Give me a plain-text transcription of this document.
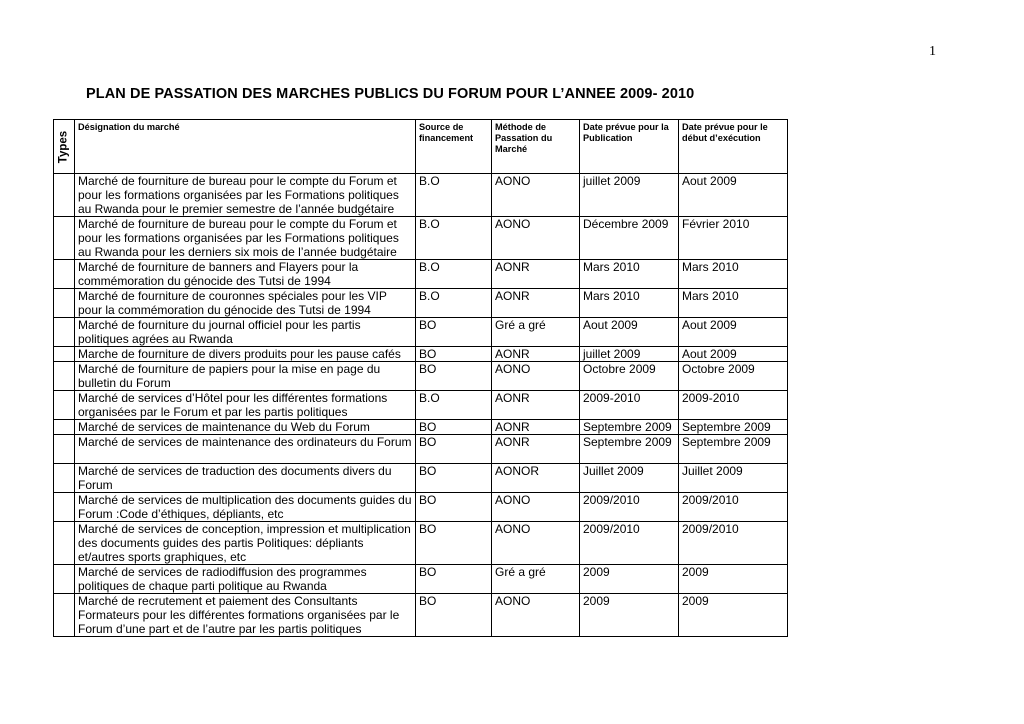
1
PLAN DE PASSATION DES MARCHES PUBLICS DU FORUM POUR L’ANNEE 2009- 2010
Types	Désignation du marché	Source de financement	Méthode de Passation du Marché	Date prévue pour la Publication	Date prévue pour le début d’exécution
	Marché de fourniture de bureau pour le compte du Forum et pour les formations organisées par les Formations politiques au Rwanda pour le premier semestre de l’année budgétaire	B.O	AONO	juillet 2009	Aout 2009
	Marché de fourniture de bureau pour le compte du Forum et pour les formations organisées par les Formations politiques au Rwanda pour les derniers six mois de l’année budgétaire	B.O	AONO	Décembre 2009	Février 2010
	Marché de fourniture de banners and Flayers pour la commémoration du génocide des Tutsi de 1994	B.O	AONR	Mars 2010	Mars 2010
	Marché de fourniture de couronnes spéciales pour les VIP pour la commémoration du génocide des Tutsi de 1994	B.O	AONR	Mars 2010	Mars 2010
	Marché de fourniture du journal officiel pour les partis politiques agrées au Rwanda	BO	Gré a gré	Aout 2009	Aout 2009
	Marche de fourniture de divers produits pour les pause cafés	BO	AONR	juillet 2009	Aout 2009
	Marché de fourniture de papiers pour la mise en page du bulletin du Forum	BO	AONO	Octobre 2009	Octobre 2009
	Marché de services d’Hôtel pour les différentes formations organisées par le Forum et par les partis politiques	B.O	AONR	2009-2010	2009-2010
	Marché de services de maintenance du Web du Forum	BO	AONR	Septembre 2009	Septembre 2009
	Marché de services de maintenance des ordinateurs du Forum	BO	AONR	Septembre 2009	Septembre 2009
	Marché de services de traduction des documents divers du Forum	BO	AONOR	Juillet 2009	Juillet 2009
	Marché de services de multiplication des documents guides du Forum :Code d’éthiques, dépliants, etc	BO	AONO	2009/2010	2009/2010
	Marché de services de conception, impression et multiplication des documents guides des partis Politiques: dépliants et/autres sports graphiques, etc	BO	AONO	2009/2010	2009/2010
	Marché de services de radiodiffusion des programmes politiques de chaque parti politique au Rwanda	BO	Gré a gré	2009	2009
	Marché de recrutement et paiement des Consultants Formateurs pour les différentes formations organisées par le Forum d’une part et de l’autre par les partis politiques	BO	AONO	2009	2009
